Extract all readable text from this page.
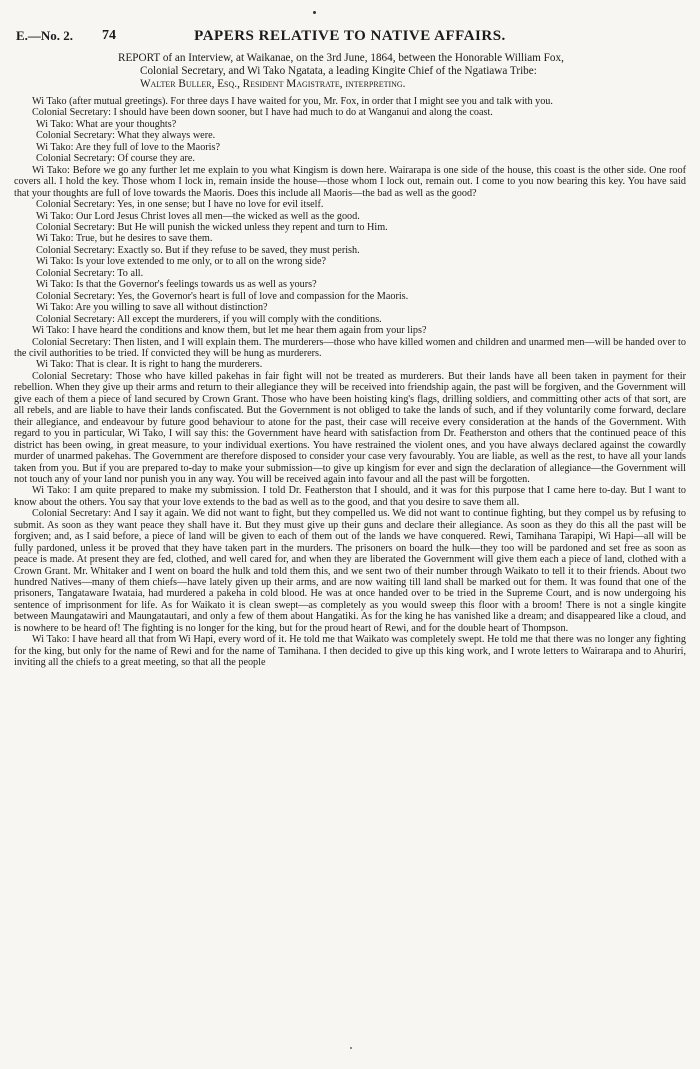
E.—No. 2. 74	PAPERS RELATIVE TO NATIVE AFFAIRS.
REPORT of an Interview, at Waikanae, on the 3rd June, 1864, between the Honorable William Fox,
Colonial Secretary, and Wi Tako Ngatata, a leading Kingite Chief of the Ngatiawa Tribe:
Walter Buller, Esq., Resident Magistrate, interpreting.

Wi Tako (after mutual greetings). For three days I have waited for you, Mr. Fox, in order that I might see you and talk with you.

Colonial Secretary: I should have been down sooner, but I have had much to do at Wanganui and along the coast.

Wi Tako: What are your thoughts?

Colonial Secretary: What they always were.

Wi Tako: Are they full of love to the Maoris?

Colonial Secretary: Of course they are.

Wi Tako: Before we go any further let me explain to you what Kingism is down here. Wairarapa is one side of the house, this coast is the other side. One roof covers all. I hold the key. Those whom I lock in, remain inside the house—those whom I lock out, remain out. I come to you now bearing this key. You have said that your thoughts are full of love towards the Maoris. Does this include all Maoris—the bad as well as the good?

Colonial Secretary: Yes, in one sense; but I have no love for evil itself.

Wi Tako: Our Lord Jesus Christ loves all men—the wicked as well as the good.

Colonial Secretary: But He will punish the wicked unless they repent and turn to Him.

Wi Tako: True, but he desires to save them.

Colonial Secretary: Exactly so. But if they refuse to be saved, they must perish.

Wi Tako: Is your love extended to me only, or to all on the wrong side?

Colonial Secretary: To all.

Wi Tako: Is that the Governor's feelings towards us as well as yours?

Colonial Secretary: Yes, the Governor's heart is full of love and compassion for the Maoris.

Wi Tako: Are you willing to save all without distinction?

Colonial Secretary: All except the murderers, if you will comply with the conditions.

Wi Tako: I have heard the conditions and know them, but let me hear them again from your lips?

Colonial Secretary: Then listen, and I will explain them. The murderers—those who have killed women and children and unarmed men—will be handed over to the civil authorities to be tried. If convicted they will be hung as murderers.

Wi Tako: That is clear. It is right to hang the murderers.

Colonial Secretary: Those who have killed pakehas in fair fight will not be treated as murderers. But their lands have all been taken in payment for their rebellion. When they give up their arms and return to their allegiance they will be received into friendship again, the past will be forgiven, and the Government will give each of them a piece of land secured by Crown Grant. Those who have been hoisting king's flags, drilling soldiers, and committing other acts of that sort, are all rebels, and are liable to have their lands confiscated. But the Government is not obliged to take the lands of such, and if they voluntarily come forward, declare their allegiance, and endeavour by future good behaviour to atone for the past, their case will receive every consideration at the hands of the Government. With regard to you in particular, Wi Tako, I will say this: the Government have heard with satisfaction from Dr. Featherston and others that the continued peace of this district has been owing, in great measure, to your individual exertions. You have restrained the violent ones, and you have always declared against the cowardly murder of unarmed pakehas. The Government are therefore disposed to consider your case very favourably. You are liable, as well as the rest, to have all your lands taken from you. But if you are prepared to-day to make your submission—to give up kingism for ever and sign the declaration of allegiance—the Government will not touch any of your land nor punish you in any way. You will be received again into favour and all the past will be forgotten.

Wi Tako: I am quite prepared to make my submission. I told Dr. Featherston that I should, and it was for this purpose that I came here to-day. But I want to know about the others. You say that your love extends to the bad as well as to the good, and that you desire to save them all.

Colonial Secretary: And I say it again. We did not want to fight, but they compelled us. We did not want to continue fighting, but they compel us by refusing to submit. As soon as they want peace they shall have it. But they must give up their guns and declare their allegiance. As soon as they do this all the past will be forgiven; and, as I said before, a piece of land will be given to each of them out of the lands we have conquered. Rewi, Tamihana Tarapipi, Wi Hapi—all will be fully pardoned, unless it be proved that they have taken part in the murders. The prisoners on board the hulk—they too will be pardoned and set free as soon as peace is made. At present they are fed, clothed, and well cared for, and when they are liberated the Government will give them each a piece of land, clothed with a Crown Grant. Mr. Whitaker and I went on board the hulk and told them this, and we sent two of their number through Waikato to tell it to their friends. About two hundred Natives—many of them chiefs—have lately given up their arms, and are now waiting till land shall be marked out for them. It was found that one of the prisoners, Tangataware Iwataia, had murdered a pakeha in cold blood. He was at once handed over to be tried in the Supreme Court, and is now undergoing his sentence of imprisonment for life. As for Waikato it is clean swept—as completely as you would sweep this floor with a broom! There is not a single kingite between Maungatawiri and Maungatautari, and only a few of them about Hangatiki. As for the king he has vanished like a dream; and disappeared like a cloud, and is nowhere to be heard of! The fighting is no longer for the king, but for the proud heart of Rewi, and for the double heart of Thompson.

Wi Tako: I have heard all that from Wi Hapi, every word of it. He told me that Waikato was completely swept. He told me that there was no longer any fighting for the king, but only for the name of Rewi and for the name of Tamihana. I then decided to give up this king work, and I wrote letters to Wairarapa and to Ahuriri, inviting all the chiefs to a great meeting, so that all the people
